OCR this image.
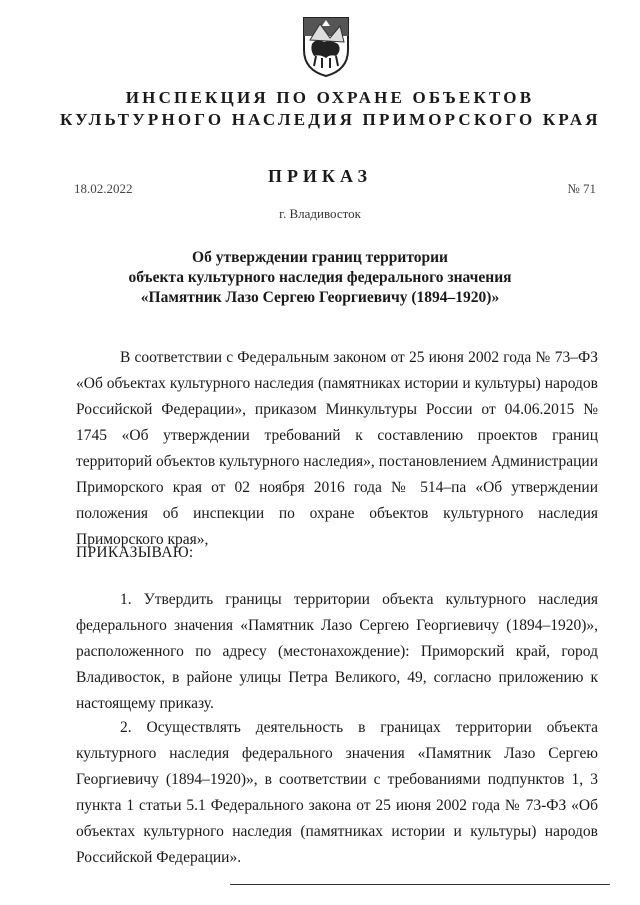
ИНСПЕКЦИЯ ПО ОХРАНЕ ОБЪЕКТОВ
КУЛЬТУРНОГО НАСЛЕДИЯ ПРИМОРСКОГО КРАЯ
ПРИКАЗ
18.02.2022	№ 71
г. Владивосток
Об утверждении границ территории
объекта культурного наследия федерального значения
«Памятник Лазо Сергею Георгиевичу (1894–1920)»
В соответствии с Федеральным законом от 25 июня 2002 года № 73–ФЗ «Об объектах культурного наследия (памятниках истории и культуры) народов Российской Федерации», приказом Минкультуры России от 04.06.2015 № 1745 «Об утверждении требований к составлению проектов границ территорий объектов культурного наследия», постановлением Администрации Приморского края от 02 ноября 2016 года № 514–па «Об утверждении положения об инспекции по охране объектов культурного наследия Приморского края»,
ПРИКАЗЫВАЮ:
1. Утвердить границы территории объекта культурного наследия федерального значения «Памятник Лазо Сергею Георгиевичу (1894–1920)», расположенного по адресу (местонахождение): Приморский край, город Владивосток, в районе улицы Петра Великого, 49, согласно приложению к настоящему приказу.
2. Осуществлять деятельность в границах территории объекта культурного наследия федерального значения «Памятник Лазо Сергею Георгиевичу (1894–1920)», в соответствии с требованиями подпунктов 1, 3 пункта 1 статьи 5.1 Федерального закона от 25 июня 2002 года № 73-ФЗ «Об объектах культурного наследия (памятниках истории и культуры) народов Российской Федерации».
